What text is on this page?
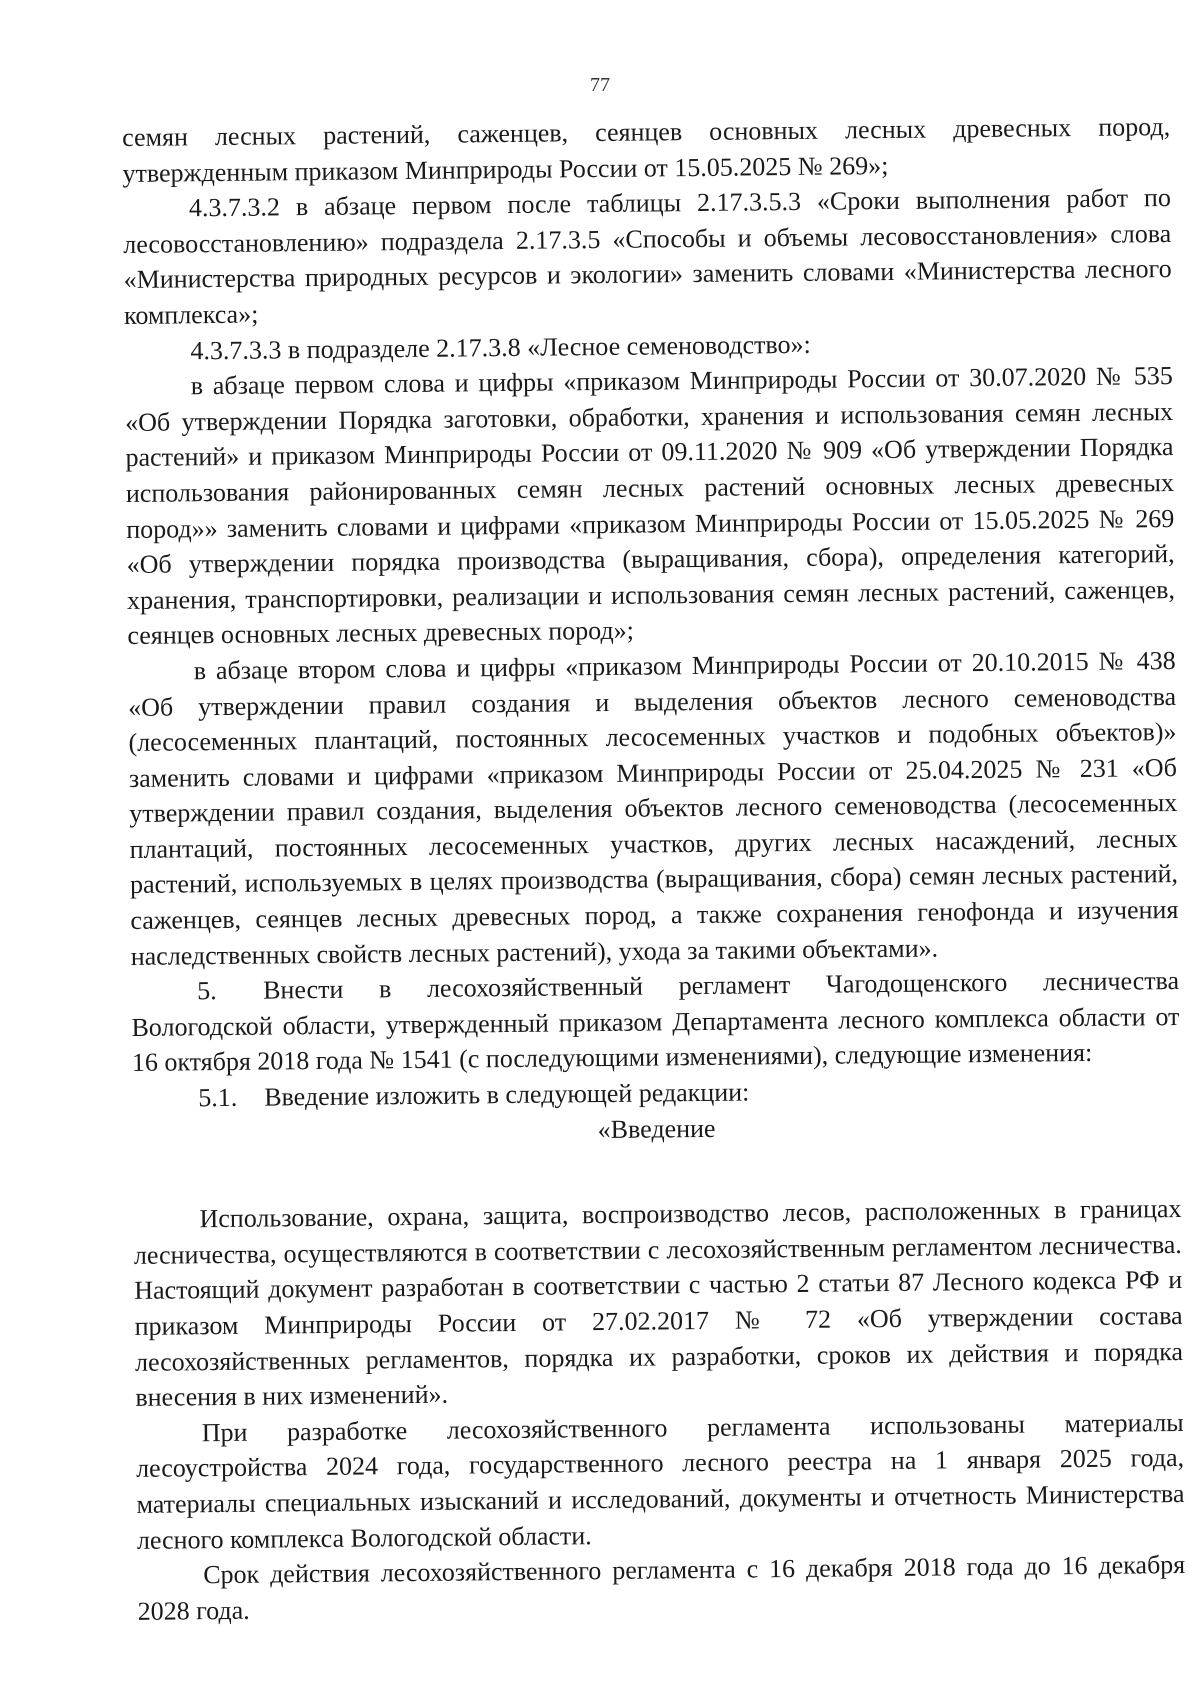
77

семян лесных растений, саженцев, сеянцев основных лесных древесных пород, утвержденным приказом Минприроды России от 15.05.2025 № 269»;

4.3.7.3.2 в абзаце первом после таблицы 2.17.3.5.3 «Сроки выполнения работ по лесовосстановлению» подраздела 2.17.3.5 «Способы и объемы лесовосстановления» слова «Министерства природных ресурсов и экологии» заменить словами «Министерства лесного комплекса»;

4.3.7.3.3 в подразделе 2.17.3.8 «Лесное семеноводство»:

в абзаце первом слова и цифры «приказом Минприроды России от 30.07.2020 № 535 «Об утверждении Порядка заготовки, обработки, хранения и использования семян лесных растений» и приказом Минприроды России от 09.11.2020 № 909 «Об утверждении Порядка использования районированных семян лесных растений основных лесных древесных пород»» заменить словами и цифрами «приказом Минприроды России от 15.05.2025 № 269 «Об утверждении порядка производства (выращивания, сбора), определения категорий, хранения, транспортировки, реализации и использования семян лесных растений, саженцев, сеянцев основных лесных древесных пород»;

в абзаце втором слова и цифры «приказом Минприроды России от 20.10.2015 № 438 «Об утверждении правил создания и выделения объектов лесного семеноводства (лесосеменных плантаций, постоянных лесосеменных участков и подобных объектов)» заменить словами и цифрами «приказом Минприроды России от 25.04.2025 № 231 «Об утверждении правил создания, выделения объектов лесного семеноводства (лесосеменных плантаций, постоянных лесосеменных участков, других лесных насаждений, лесных растений, используемых в целях производства (выращивания, сбора) семян лесных растений, саженцев, сеянцев лесных древесных пород, а также сохранения генофонда и изучения наследственных свойств лесных растений), ухода за такими объектами».

5. Внести в лесохозяйственный регламент Чагодощенского лесничества Вологодской области, утвержденный приказом Департамента лесного комплекса области от 16 октября 2018 года № 1541 (с последующими изменениями), следующие изменения:

5.1. Введение изложить в следующей редакции:

«Введение

Использование, охрана, защита, воспроизводство лесов, расположенных в границах лесничества, осуществляются в соответствии с лесохозяйственным регламентом лесничества. Настоящий документ разработан в соответствии с частью 2 статьи 87 Лесного кодекса РФ и приказом Минприроды России от 27.02.2017 № 72 «Об утверждении состава лесохозяйственных регламентов, порядка их разработки, сроков их действия и порядка внесения в них изменений».

При разработке лесохозяйственного регламента использованы материалы лесоустройства 2024 года, государственного лесного реестра на 1 января 2025 года, материалы специальных изысканий и исследований, документы и отчетность Министерства лесного комплекса Вологодской области.

Срок действия лесохозяйственного регламента с 16 декабря 2018 года до 16 декабря 2028 года.
